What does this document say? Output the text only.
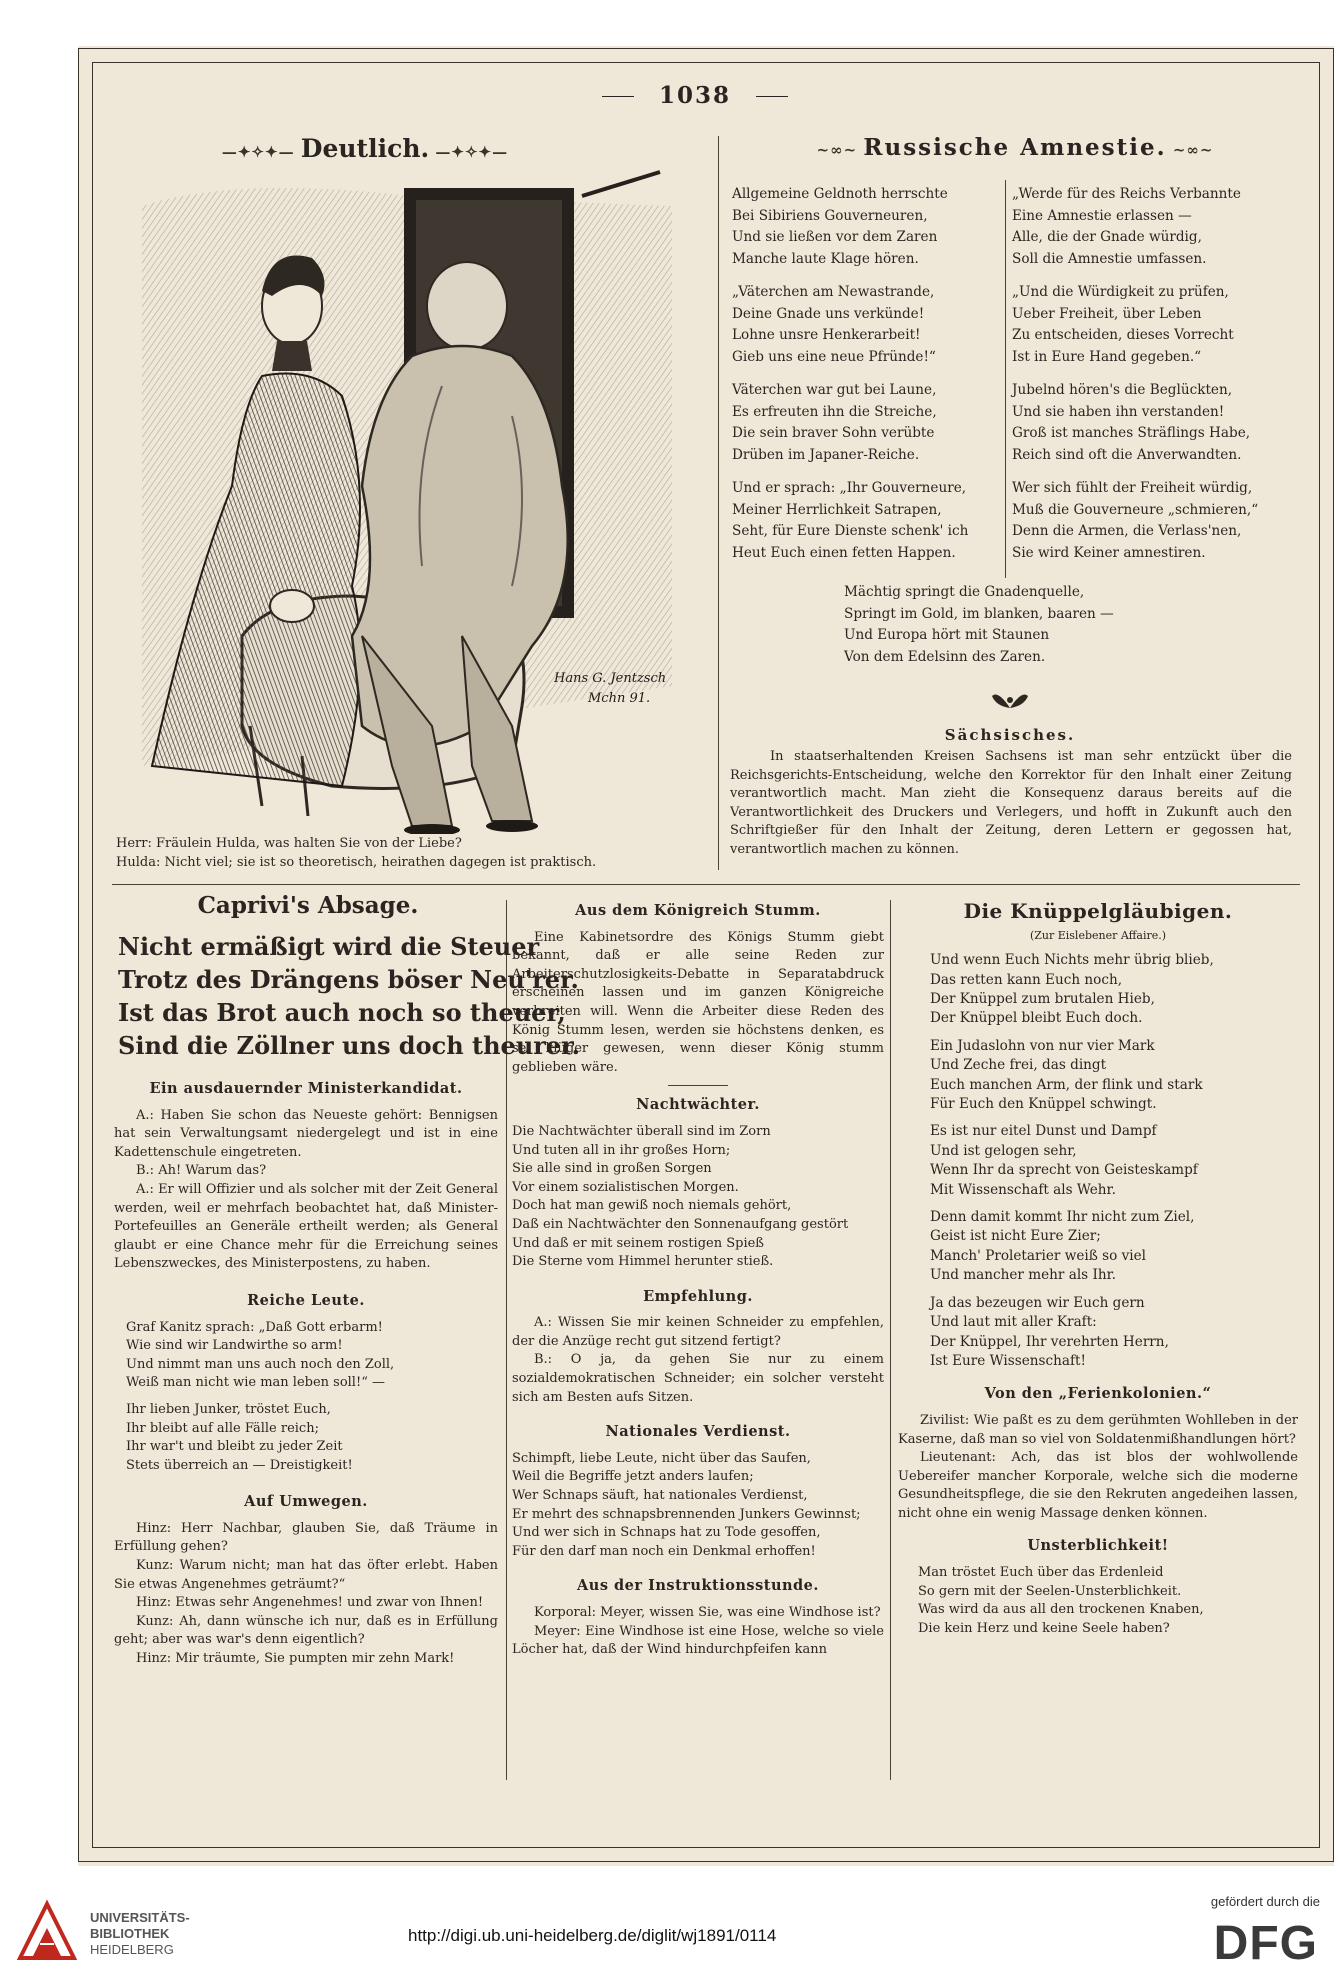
1038
—✦✧✦— Deutlich. —✦✧✦—
Hans G. Jentzsch
Mchn 91.
Herr: Fräulein Hulda, was halten Sie von der Liebe?
Hulda: Nicht viel; sie ist so theoretisch, heirathen dagegen ist praktisch.
~∞~ Russische Amnestie. ~∞~
Allgemeine Geldnoth herrschte
Bei Sibiriens Gouverneuren,
Und sie ließen vor dem Zaren
Manche laute Klage hören.
„Väterchen am Newastrande,
Deine Gnade uns verkünde!
Lohne unsre Henkerarbeit!
Gieb uns eine neue Pfründe!“
Väterchen war gut bei Laune,
Es erfreuten ihn die Streiche,
Die sein braver Sohn verübte
Drüben im Japaner-Reiche.
Und er sprach: „Ihr Gouverneure,
Meiner Herrlichkeit Satrapen,
Seht, für Eure Dienste schenk' ich
Heut Euch einen fetten Happen.
„Werde für des Reichs Verbannte
Eine Amnestie erlassen —
Alle, die der Gnade würdig,
Soll die Amnestie umfassen.
„Und die Würdigkeit zu prüfen,
Ueber Freiheit, über Leben
Zu entscheiden, dieses Vorrecht
Ist in Eure Hand gegeben.“
Jubelnd hören's die Beglückten,
Und sie haben ihn verstanden!
Groß ist manches Sträflings Habe,
Reich sind oft die Anverwandten.
Wer sich fühlt der Freiheit würdig,
Muß die Gouverneure „schmieren,“
Denn die Armen, die Verlass'nen,
Sie wird Keiner amnestiren.
Mächtig springt die Gnadenquelle,
Springt im Gold, im blanken, baaren —
Und Europa hört mit Staunen
Von dem Edelsinn des Zaren.
Sächsisches.
In staatserhaltenden Kreisen Sachsens ist man sehr entzückt über die Reichsgerichts-Entscheidung, welche den Korrektor für den Inhalt einer Zeitung verantwortlich macht. Man zieht die Konsequenz daraus bereits auf die Verantwortlichkeit des Druckers und Verlegers, und hofft in Zukunft auch den Schriftgießer für den Inhalt der Zeitung, deren Lettern er gegossen hat, verantwortlich machen zu können.
Caprivi's Absage.
Nicht ermäßigt wird die Steuer
Trotz des Drängens böser Neu'rer.
Ist das Brot auch noch so theuer,
Sind die Zöllner uns doch theurer.
Ein ausdauernder Ministerkandidat.

A.: Haben Sie schon das Neueste gehört: Bennigsen hat sein Verwaltungsamt niedergelegt und ist in eine Kadettenschule eingetreten.

B.: Ah! Warum das?

A.: Er will Offizier und als solcher mit der Zeit General werden, weil er mehrfach beobachtet hat, daß Minister-Portefeuilles an Generäle ertheilt werden; als General glaubt er eine Chance mehr für die Erreichung seines Lebenszweckes, des Ministerpostens, zu haben.

Reiche Leute.
Graf Kanitz sprach: „Daß Gott erbarm!
Wie sind wir Landwirthe so arm!
Und nimmt man uns auch noch den Zoll,
Weiß man nicht wie man leben soll!“ —
Ihr lieben Junker, tröstet Euch,
Ihr bleibt auf alle Fälle reich;
Ihr war't und bleibt zu jeder Zeit
Stets überreich an — Dreistigkeit!
Auf Umwegen.

Hinz: Herr Nachbar, glauben Sie, daß Träume in Erfüllung gehen?

Kunz: Warum nicht; man hat das öfter erlebt. Haben Sie etwas Angenehmes geträumt?“

Hinz: Etwas sehr Angenehmes! und zwar von Ihnen!

Kunz: Ah, dann wünsche ich nur, daß es in Erfüllung geht; aber was war's denn eigentlich?

Hinz: Mir träumte, Sie pumpten mir zehn Mark!

Aus dem Königreich Stumm.

Eine Kabinetsordre des Königs Stumm giebt bekannt, daß er alle seine Reden zur Arbeiterschutzlosigkeits-Debatte in Separatabdruck erscheinen lassen und im ganzen Königreiche verbreiten will. Wenn die Arbeiter diese Reden des König Stumm lesen, werden sie höchstens denken, es sei klüger gewesen, wenn dieser König stumm geblieben wäre.

Nachtwächter.
Die Nachtwächter überall sind im Zorn
Und tuten all in ihr großes Horn;
Sie alle sind in großen Sorgen
Vor einem sozialistischen Morgen.
Doch hat man gewiß noch niemals gehört,
Daß ein Nachtwächter den Sonnenaufgang gestört
Und daß er mit seinem rostigen Spieß
Die Sterne vom Himmel herunter stieß.
Empfehlung.

A.: Wissen Sie mir keinen Schneider zu empfehlen, der die Anzüge recht gut sitzend fertigt?

B.: O ja, da gehen Sie nur zu einem sozialdemokratischen Schneider; ein solcher versteht sich am Besten aufs Sitzen.

Nationales Verdienst.
Schimpft, liebe Leute, nicht über das Saufen,
Weil die Begriffe jetzt anders laufen;
Wer Schnaps säuft, hat nationales Verdienst,
Er mehrt des schnapsbrennenden Junkers Gewinnst;
Und wer sich in Schnaps hat zu Tode gesoffen,
Für den darf man noch ein Denkmal erhoffen!
Aus der Instruktionsstunde.

Korporal: Meyer, wissen Sie, was eine Windhose ist?

Meyer: Eine Windhose ist eine Hose, welche so viele Löcher hat, daß der Wind hindurchpfeifen kann

Die Knüppelgläubigen.
(Zur Eislebener Affaire.)
Und wenn Euch Nichts mehr übrig blieb,
Das retten kann Euch noch,
Der Knüppel zum brutalen Hieb,
Der Knüppel bleibt Euch doch.
Ein Judaslohn von nur vier Mark
Und Zeche frei, das dingt
Euch manchen Arm, der flink und stark
Für Euch den Knüppel schwingt.
Es ist nur eitel Dunst und Dampf
Und ist gelogen sehr,
Wenn Ihr da sprecht von Geisteskampf
Mit Wissenschaft als Wehr.
Denn damit kommt Ihr nicht zum Ziel,
Geist ist nicht Eure Zier;
Manch' Proletarier weiß so viel
Und mancher mehr als Ihr.
Ja das bezeugen wir Euch gern
Und laut mit aller Kraft:
Der Knüppel, Ihr verehrten Herrn,
Ist Eure Wissenschaft!
Von den „Ferienkolonien.“

Zivilist: Wie paßt es zu dem gerühmten Wohlleben in der Kaserne, daß man so viel von Soldatenmißhandlungen hört?

Lieutenant: Ach, das ist blos der wohlwollende Uebereifer mancher Korporale, welche sich die moderne Gesundheitspflege, die sie den Rekruten angedeihen lassen, nicht ohne ein wenig Massage denken können.

Unsterblichkeit!
Man tröstet Euch über das Erdenleid
So gern mit der Seelen-Unsterblichkeit.
Was wird da aus all den trockenen Knaben,
Die kein Herz und keine Seele haben?
UNIVERSITÄTS-
BIBLIOTHEK
HEIDELBERG
http://digi.ub.uni-heidelberg.de/diglit/wj1891/0114
gefördert durch die
DFG
